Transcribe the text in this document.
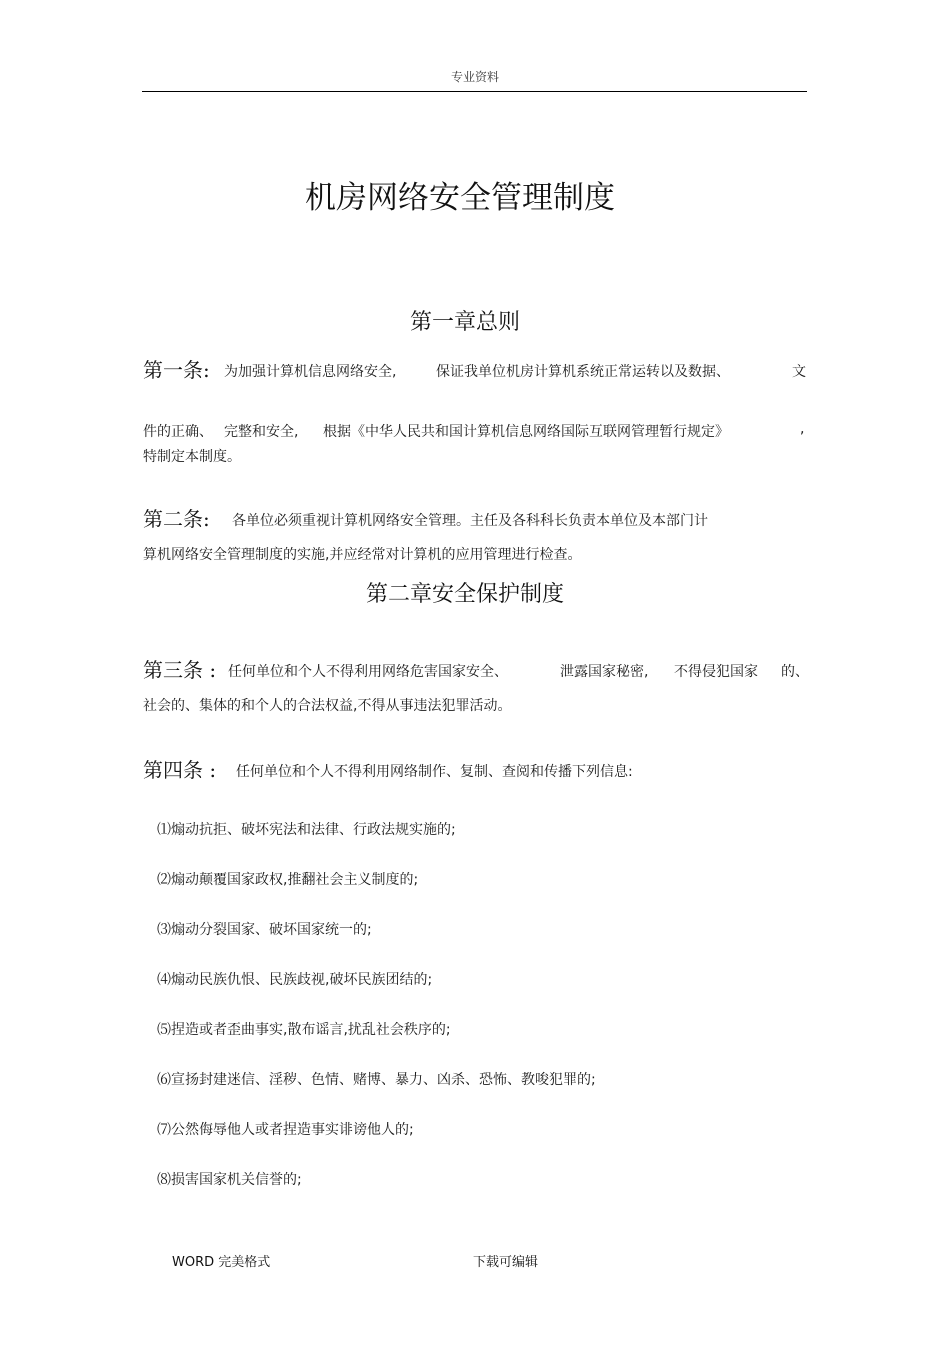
专业资料
机房网络安全管理制度
第一章总则
第一条: 为加强计算机信息网络安全,	保证我单位机房计算机系统正常运转以及数据、	文
件的正确、 完整和安全, 根据《中华人民共和国计算机信息网络国际互联网管理暂行规定》	,
特制定本制度。
第二条: 各单位必须重视计算机网络安全管理。主任及各科科长负责本单位及本部门计
算机网络安全管理制度的实施,并应经常对计算机的应用管理进行检查。
第二章安全保护制度
第三条 : 任何单位和个人不得利用网络危害国家安全、	泄露国家秘密, 不得侵犯国家 的、
社会的、集体的和个人的合法权益,不得从事违法犯罪活动。
第四条 : 任何单位和个人不得利用网络制作、复制、查阅和传播下列信息:
⑴煽动抗拒、破坏宪法和法律、行政法规实施的;
⑵煽动颠覆国家政权,推翻社会主义制度的;
⑶煽动分裂国家、破坏国家统一的;
⑷煽动民族仇恨、民族歧视,破坏民族团结的;
⑸捏造或者歪曲事实,散布谣言,扰乱社会秩序的;
⑹宣扬封建迷信、淫秽、色情、赌博、暴力、凶杀、恐怖、教唆犯罪的;
⑺公然侮辱他人或者捏造事实诽谤他人的;
⑻损害国家机关信誉的;
WORD 完美格式	下载可编辑
